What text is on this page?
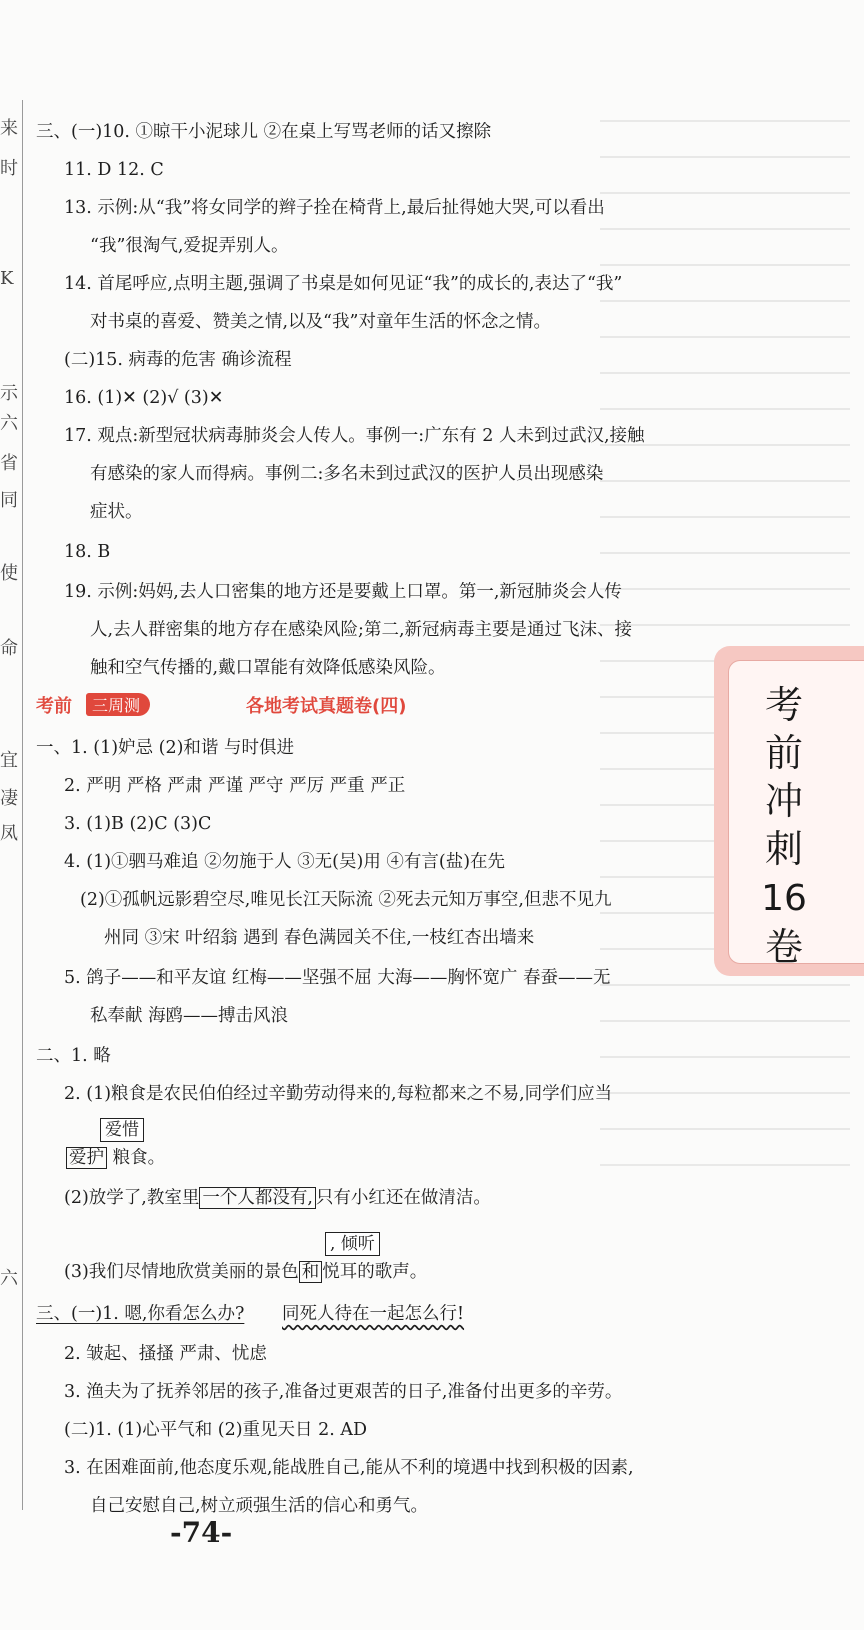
来
时
K
示
六
省
同
使
命
宜
凄
凤
六
三、(一)10. ①晾干小泥球儿 ②在桌上写骂老师的话又擦除
11. D 12. C
13. 示例:从“我”将女同学的辫子拴在椅背上,最后扯得她大哭,可以看出
“我”很淘气,爱捉弄别人。
14. 首尾呼应,点明主题,强调了书桌是如何见证“我”的成长的,表达了“我”
对书桌的喜爱、赞美之情,以及“我”对童年生活的怀念之情。
(二)15. 病毒的危害 确诊流程
16. (1)✕ (2)√ (3)✕
17. 观点:新型冠状病毒肺炎会人传人。事例一:广东有 2 人未到过武汉,接触
有感染的家人而得病。事例二:多名未到过武汉的医护人员出现感染
症状。
18. B
19. 示例:妈妈,去人口密集的地方还是要戴上口罩。第一,新冠肺炎会人传
人,去人群密集的地方存在感染风险;第二,新冠病毒主要是通过飞沫、接
触和空气传播的,戴口罩能有效降低感染风险。
考前	三周测	各地考试真题卷(四)
一、1. (1)妒忌 (2)和谐 与时俱进
2. 严明 严格 严肃 严谨 严守 严厉 严重 严正
3. (1)B (2)C (3)C
4. (1)①驷马难追 ②勿施于人 ③无(吴)用 ④有言(盐)在先
(2)①孤帆远影碧空尽,唯见长江天际流 ②死去元知万事空,但悲不见九
州同 ③宋 叶绍翁 遇到 春色满园关不住,一枝红杏出墙来
5. 鸽子——和平友谊 红梅——坚强不屈 大海——胸怀宽广 春蚕——无
私奉献 海鸥——搏击风浪
二、1. 略
2. (1)粮食是农民伯伯经过辛勤劳动得来的,每粒都来之不易,同学们应当
爱惜
爱护 粮食。
(2)放学了,教室里 一个人都没有, 只有小红还在做清洁。
, 倾听
(3)我们尽情地欣赏美丽的景色 和 悦耳的歌声。
三、(一)1. 嗯,你看怎么办? 同死人待在一起怎么行!
2. 皱起、搔搔 严肃、忧虑
3. 渔夫为了抚养邻居的孩子,准备过更艰苦的日子,准备付出更多的辛劳。
(二)1. (1)心平气和 (2)重见天日 2. AD
3. 在困难面前,他态度乐观,能战胜自己,能从不利的境遇中找到积极的因素,
自己安慰自己,树立顽强生活的信心和勇气。
考
前
冲
刺
16
卷
-74-
